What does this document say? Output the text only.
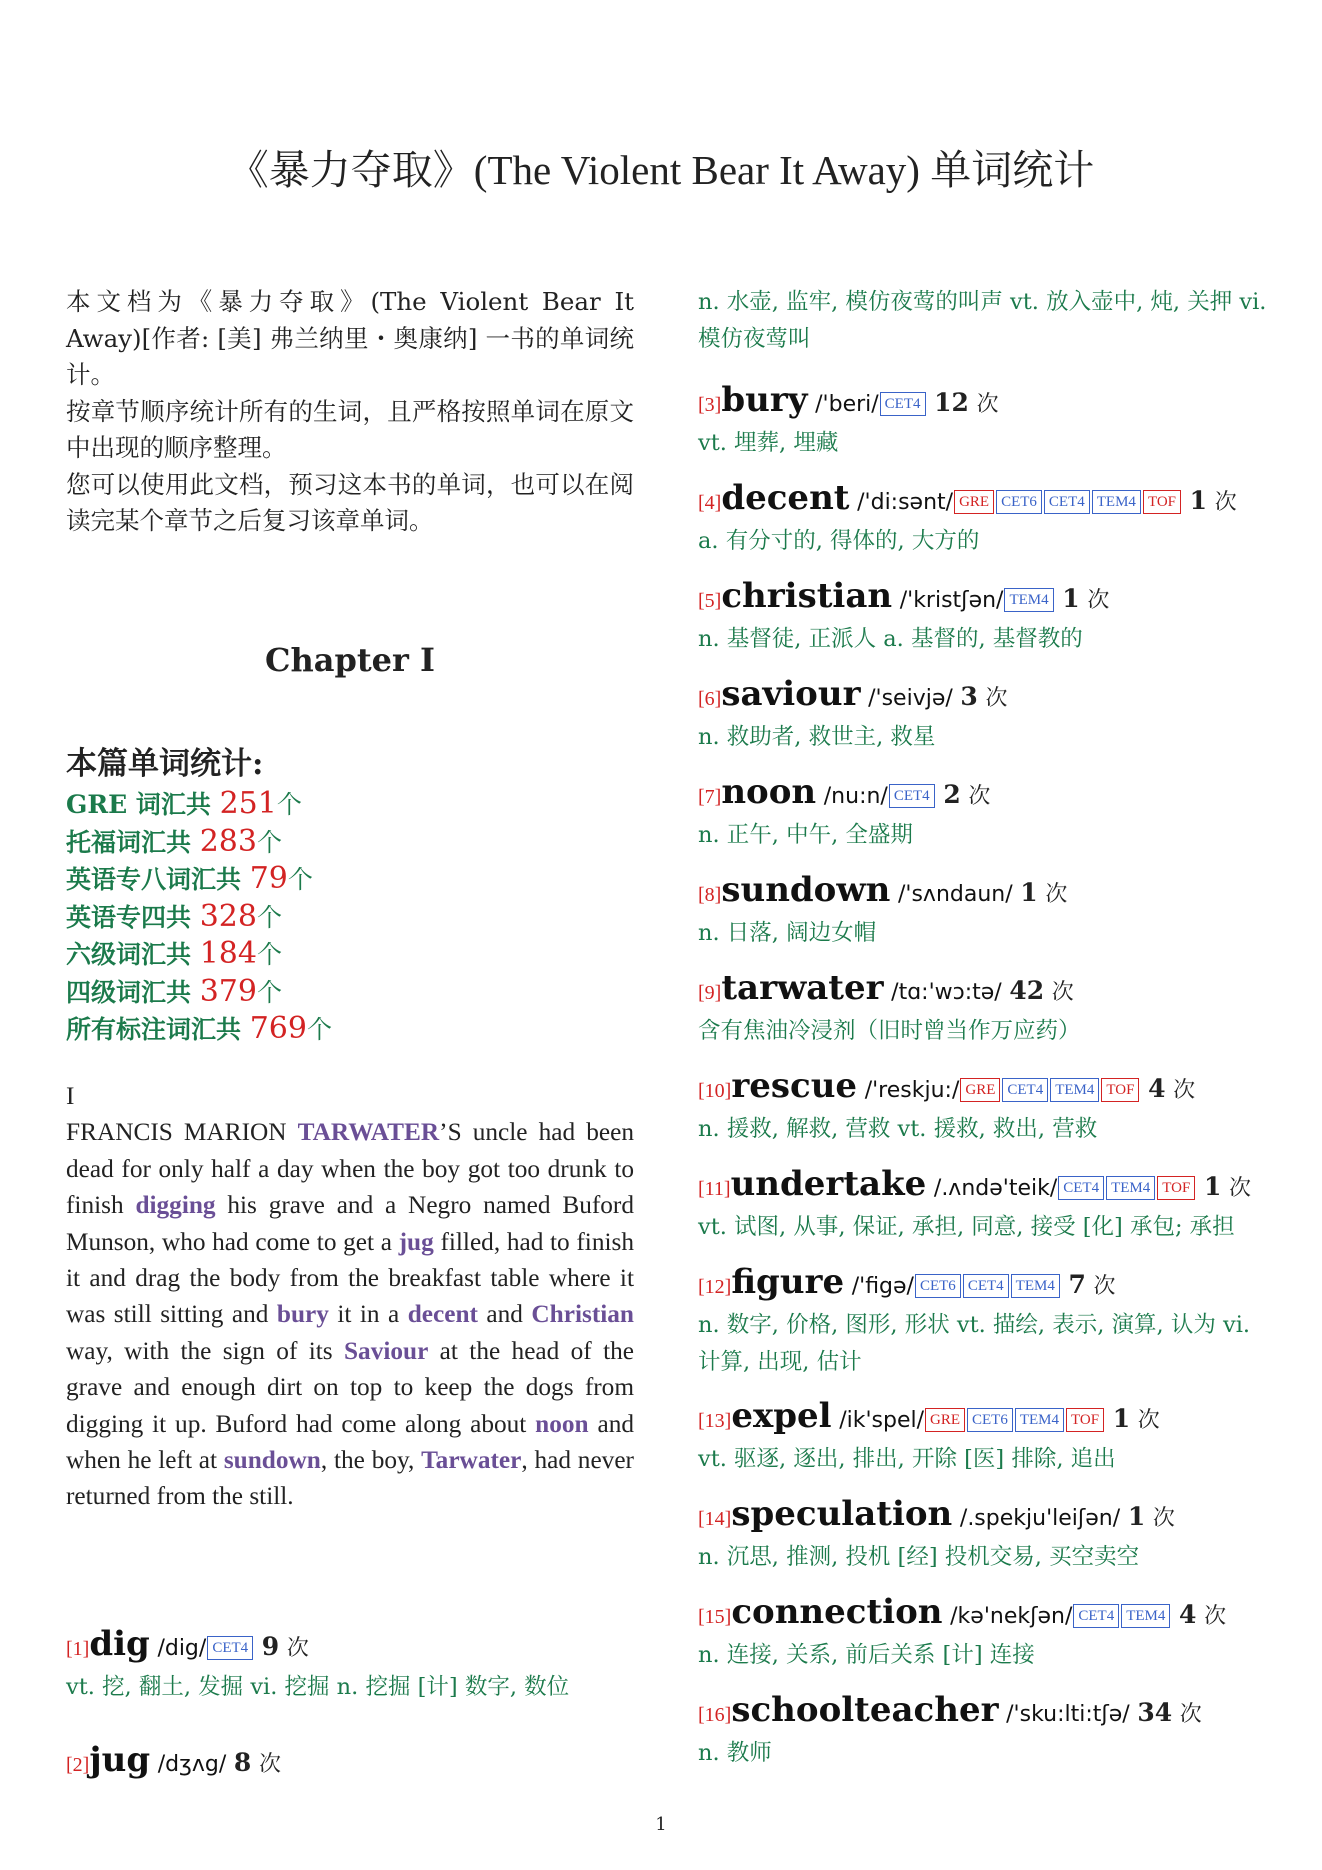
《暴力夺取》(The Violent Bear It Away) 单词统计

本文档为《暴力夺取》(The Violent Bear It Away)[作者: [美] 弗兰纳里・奥康纳] 一书的单词统计。

按章节顺序统计所有的生词，且严格按照单词在原文中出现的顺序整理。

您可以使用此文档，预习这本书的单词，也可以在阅读完某个章节之后复习该章单词。

Chapter I
本篇单词统计:
GRE 词汇共 251个
托福词汇共 283个
英语专八词汇共 79个
英语专四共 328个
六级词汇共 184个
四级词汇共 379个
所有标注词汇共 769个

I

FRANCIS MARION TARWATER’S uncle had been dead for only half a day when the boy got too drunk to finish digging his grave and a Negro named Buford Munson, who had come to get a jug filled, had to finish it and drag the body from the breakfast table where it was still sitting and bury it in a decent and Christian way, with the sign of its Saviour at the head of the grave and enough dirt on top to keep the dogs from digging it up. Buford had come along about noon and when he left at sundown, the boy, Tarwater, had never returned from the still.

[1]dig /dig/ CET4 9 次
vt. 挖, 翻土, 发掘 vi. 挖掘 n. 挖掘 [计] 数字, 数位
[2]jug /dʒʌg/ 8 次
n. 水壶, 监牢, 模仿夜莺的叫声 vt. 放入壶中, 炖, 关押 vi. 模仿夜莺叫
[3]bury /'beri/ CET4 12 次
vt. 埋葬, 埋藏
[4]decent /'di:sənt/ GRE CET6 CET4 TEM4 TOF 1 次
a. 有分寸的, 得体的, 大方的
[5]christian /'kristʃən/ TEM4 1 次
n. 基督徒, 正派人 a. 基督的, 基督教的
[6]saviour /'seivjə/ 3 次
n. 救助者, 救世主, 救星
[7]noon /nu:n/ CET4 2 次
n. 正午, 中午, 全盛期
[8]sundown /'sʌndaun/ 1 次
n. 日落, 阔边女帽
[9]tarwater /tɑ:'wɔ:tə/ 42 次
含有焦油冷浸剂（旧时曾当作万应药）
[10]rescue /'reskju:/ GRE CET4 TEM4 TOF 4 次
n. 援救, 解救, 营救 vt. 援救, 救出, 营救
[11]undertake /.ʌndə'teik/ CET4 TEM4 TOF 1 次
vt. 试图, 从事, 保证, 承担, 同意, 接受 [化] 承包; 承担
[12]figure /'figə/ CET6 CET4 TEM4 7 次
n. 数字, 价格, 图形, 形状 vt. 描绘, 表示, 演算, 认为 vi. 计算, 出现, 估计
[13]expel /ik'spel/ GRE CET6 TEM4 TOF 1 次
vt. 驱逐, 逐出, 排出, 开除 [医] 排除, 追出
[14]speculation /.spekju'leiʃən/ 1 次
n. 沉思, 推测, 投机 [经] 投机交易, 买空卖空
[15]connection /kə'nekʃən/ CET4 TEM4 4 次
n. 连接, 关系, 前后关系 [计] 连接
[16]schoolteacher /'sku:lti:tʃə/ 34 次
n. 教师
1
